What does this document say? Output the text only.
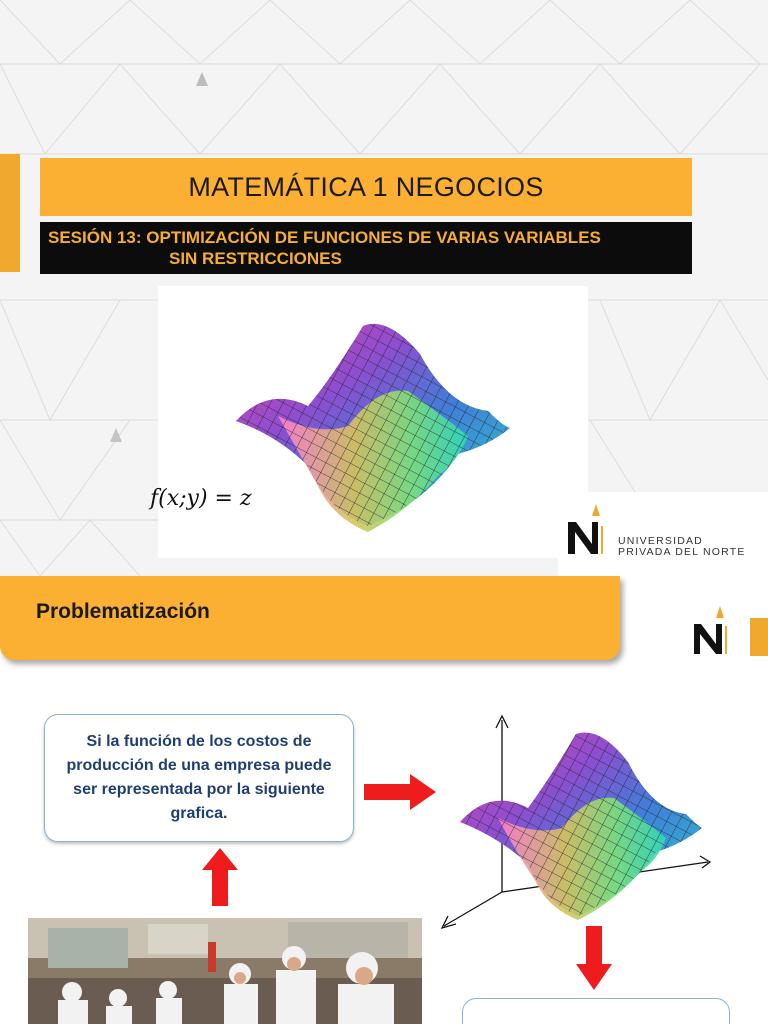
MATEMÁTICA 1 NEGOCIOS
SESIÓN 13: OPTIMIZACIÓN DE FUNCIONES DE VARIAS VARIABLES
SIN RESTRICCIONES
f(x;y) = z
UNIVERSIDAD
PRIVADA DEL NORTE
Problematización
Si la función de los costos de producción de una empresa puede ser representada por la siguiente grafica.
